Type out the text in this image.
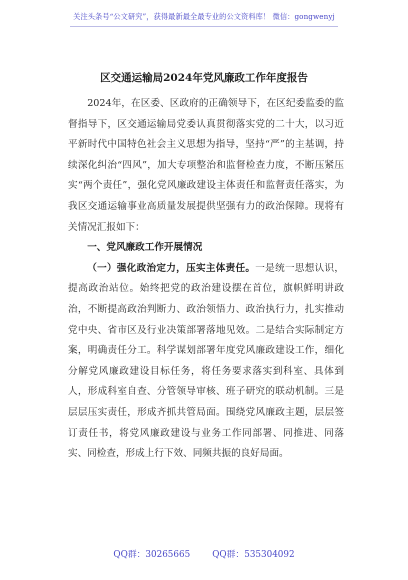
关注头条号“公文研究”，获得最新最全最专业的公文资料库！ 微信：gongwenyj
区交通运输局2024年党风廉政工作年度报告

2024年，在区委、区政府的正确领导下，在区纪委监委的监督指导下，区交通运输局党委认真贯彻落实党的二十大，以习近平新时代中国特色社会主义思想为指导，坚持“严”的主基调，持续深化纠治“四风”，加大专项整治和监督检查力度，不断压紧压实“两个责任”，强化党风廉政建设主体责任和监督责任落实，为我区交通运输事业高质量发展提供坚强有力的政治保障。现将有关情况汇报如下：

一、党风廉政工作开展情况

（一）强化政治定力，压实主体责任。一是统一思想认识，提高政治站位。始终把党的政治建设摆在首位，旗帜鲜明讲政治，不断提高政治判断力、政治领悟力、政治执行力，扎实推动党中央、省市区及行业决策部署落地见效。二是结合实际制定方案，明确责任分工。科学谋划部署年度党风廉政建设工作，细化分解党风廉政建设目标任务，将任务要求落实到科室、具体到人，形成科室自查、分管领导审核、班子研究的联动机制。三是层层压实责任，形成齐抓共管局面。围绕党风廉政主题，层层签订责任书，将党风廉政建设与业务工作同部署、同推进、同落实、同检查，形成上行下效、同频共振的良好局面。

QQ群：30265665	QQ群：535304092
